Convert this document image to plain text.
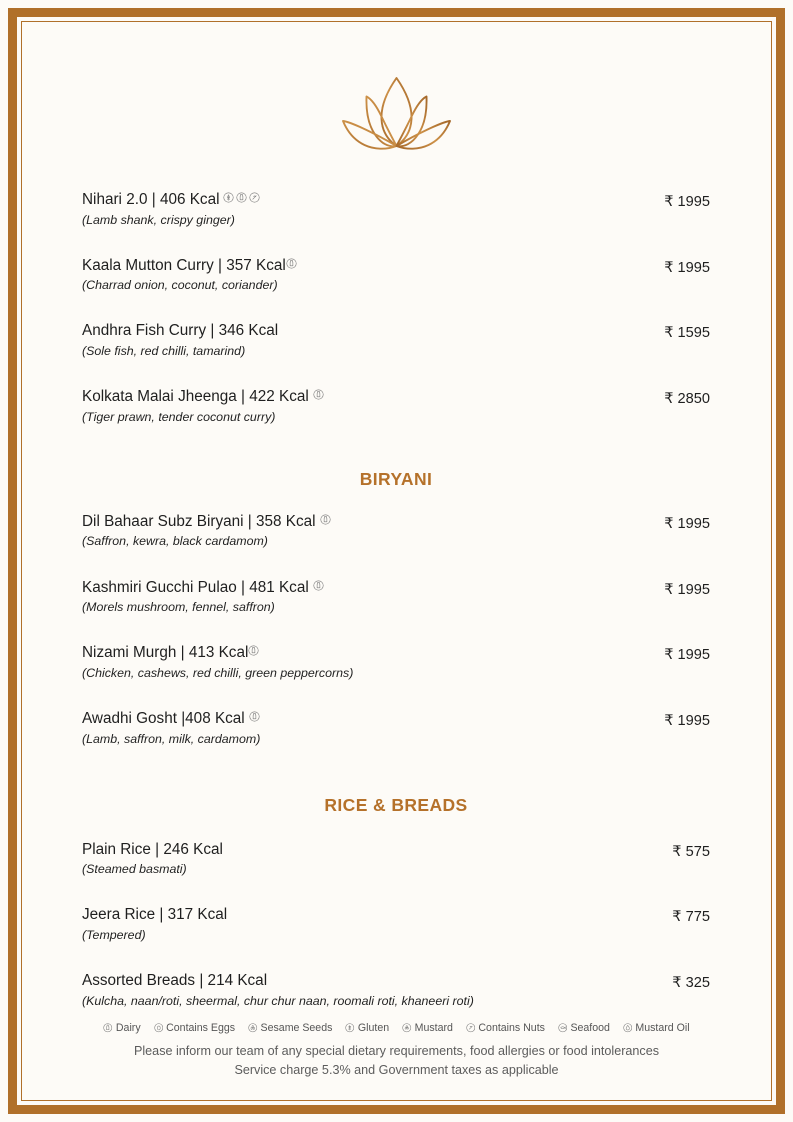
Nihari 2.0 | 406 Kcal
(Lamb shank, crispy ginger)
₹ 1995
Kaala Mutton Curry | 357 Kcal
(Charrad onion, coconut, coriander)
₹ 1995
Andhra Fish Curry | 346 Kcal
(Sole fish, red chilli, tamarind)
₹ 1595
Kolkata Malai Jheenga | 422 Kcal
(Tiger prawn, tender coconut curry)
₹ 2850
BIRYANI
Dil Bahaar Subz Biryani | 358 Kcal
(Saffron, kewra, black cardamom)
₹ 1995
Kashmiri Gucchi Pulao | 481 Kcal
(Morels mushroom, fennel, saffron)
₹ 1995
Nizami Murgh | 413 Kcal
(Chicken, cashews, red chilli, green peppercorns)
₹ 1995
Awadhi Gosht |408 Kcal
(Lamb, saffron, milk, cardamom)
₹ 1995
RICE & BREADS
Plain Rice | 246 Kcal
(Steamed basmati)
₹ 575
Jeera Rice | 317 Kcal
(Tempered)
₹ 775
Assorted Breads | 214 Kcal
(Kulcha, naan/roti, sheermal, chur chur naan, roomali roti, khaneeri roti)
₹ 325
Dairy Contains Eggs Sesame Seeds Gluten Mustard Contains Nuts Seafood Mustard Oil
Please inform our team of any special dietary requirements, food allergies or food intolerances
Service charge 5.3% and Government taxes as applicable
